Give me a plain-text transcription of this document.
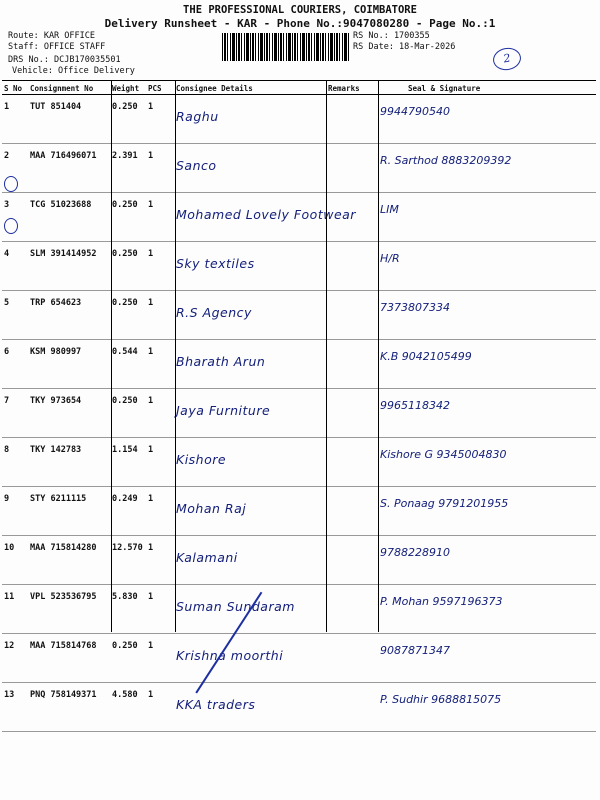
THE PROFESSIONAL COURIERS, COIMBATORE
Delivery Runsheet - KAR - Phone No.:9047080280 - Page No.:1
Route: KAR OFFICE
Staff: OFFICE STAFF
DRS No.: DCJB170035501
Vehicle: Office Delivery
RS No.: 1700355
RS Date: 18-Mar-2026
2
S No	Consignment No	Weight	PCS	Consignee Details	Remarks	Seal & Signature
1	TUT 851404	0.250	1	Raghu		9944790540
2	MAA 716496071	2.391	1	Sanco		R. Sarthod 8883209392
3	TCG 51023688	0.250	1	Mohamed Lovely Footwear		LIM
4	SLM 391414952	0.250	1	Sky textiles		H/R
5	TRP 654623	0.250	1	R.S Agency		7373807334
6	KSM 980997	0.544	1	Bharath Arun		K.B 9042105499
7	TKY 973654	0.250	1	Jaya Furniture		9965118342
8	TKY 142783	1.154	1	Kishore		Kishore G 9345004830
9	STY 6211115	0.249	1	Mohan Raj		S. Ponaag 9791201955
10	MAA 715814280	12.570	1	Kalamani		9788228910
11	VPL 523536795	5.830	1	Suman Sundaram		P. Mohan 9597196373
12	MAA 715814768	0.250	1	Krishna moorthi		9087871347
13	PNQ 758149371	4.580	1	KKA traders		P. Sudhir 9688815075
